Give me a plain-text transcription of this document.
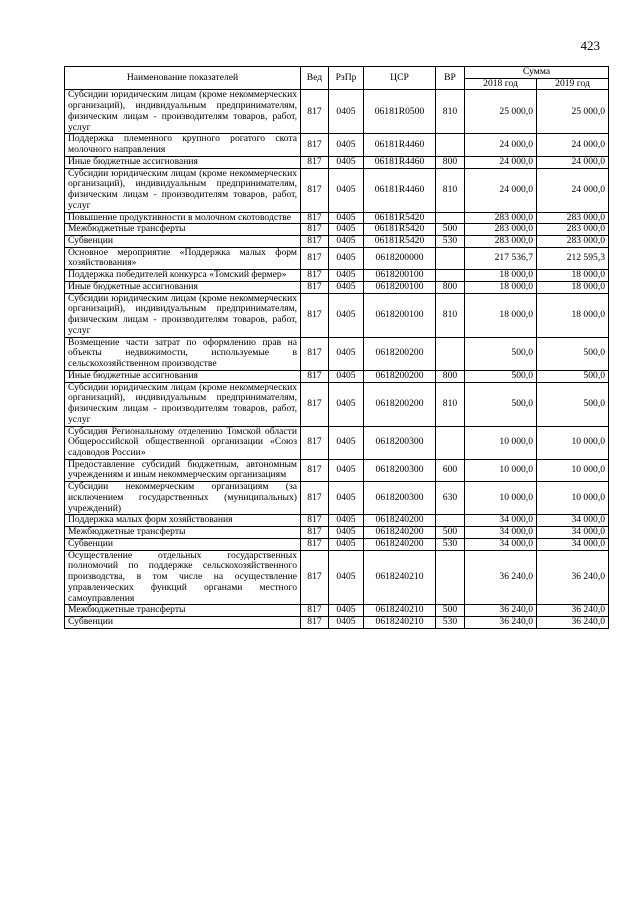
423
Наименование показателей	Вед	РзПр	ЦСР	ВР	Сумма	
					2018 год	2019 год
Субсидии юридическим лицам (кроме некоммерческих организаций), индивидуальным предпринимателям, физическим лицам - производителям товаров, работ, услуг	817	0405	06181R0500	810	25 000,0	25 000,0
Поддержка племенного крупного рогатого скота молочного направления	817	0405	06181R4460		24 000,0	24 000,0
Иные бюджетные ассигнования	817	0405	06181R4460	800	24 000,0	24 000,0
Субсидии юридическим лицам (кроме некоммерческих организаций), индивидуальным предпринимателям, физическим лицам - производителям товаров, работ, услуг	817	0405	06181R4460	810	24 000,0	24 000,0
Повышение продуктивности в молочном скотоводстве	817	0405	06181R5420		283 000,0	283 000,0
Межбюджетные трансферты	817	0405	06181R5420	500	283 000,0	283 000,0
Субвенции	817	0405	06181R5420	530	283 000,0	283 000,0
Основное мероприятие «Поддержка малых форм хозяйствования»	817	0405	0618200000		217 536,7	212 595,3
Поддержка победителей конкурса «Томский фермер»	817	0405	0618200100		18 000,0	18 000,0
Иные бюджетные ассигнования	817	0405	0618200100	800	18 000,0	18 000,0
Субсидии юридическим лицам (кроме некоммерческих организаций), индивидуальным предпринимателям, физическим лицам - производителям товаров, работ, услуг	817	0405	0618200100	810	18 000,0	18 000,0
Возмещение части затрат по оформлению прав на объекты недвижимости, используемые в сельскохозяйственном производстве	817	0405	0618200200		500,0	500,0
Иные бюджетные ассигнования	817	0405	0618200200	800	500,0	500,0
Субсидии юридическим лицам (кроме некоммерческих организаций), индивидуальным предпринимателям, физическим лицам - производителям товаров, работ, услуг	817	0405	0618200200	810	500,0	500,0
Субсидия Региональному отделению Томской области Общероссийской общественной организации «Союз садоводов России»	817	0405	0618200300		10 000,0	10 000,0
Предоставление субсидий бюджетным, автономным учреждениям и иным некоммерческим организациям	817	0405	0618200300	600	10 000,0	10 000,0
Субсидии некоммерческим организациям (за исключением государственных (муниципальных) учреждений)	817	0405	0618200300	630	10 000,0	10 000,0
Поддержка малых форм хозяйствования	817	0405	0618240200		34 000,0	34 000,0
Межбюджетные трансферты	817	0405	0618240200	500	34 000,0	34 000,0
Субвенции	817	0405	0618240200	530	34 000,0	34 000,0
Осуществление отдельных государственных полномочий по поддержке сельскохозяйственного производства, в том числе на осуществление управленческих функций органами местного самоуправления	817	0405	0618240210		36 240,0	36 240,0
Межбюджетные трансферты	817	0405	0618240210	500	36 240,0	36 240,0
Субвенции	817	0405	0618240210	530	36 240,0	36 240,0
